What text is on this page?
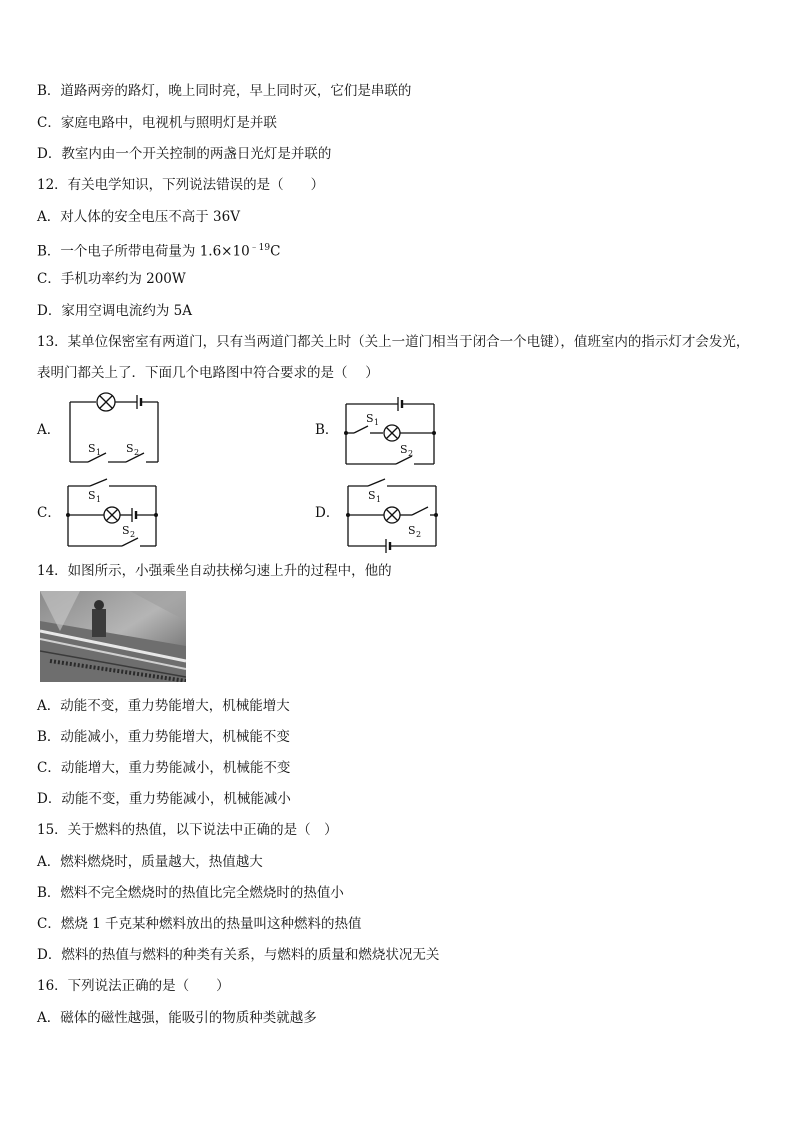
B．道路两旁的路灯，晚上同时亮，早上同时灭，它们是串联的
C．家庭电路中，电视机与照明灯是并联
D．教室内由一个开关控制的两盏日光灯是并联的
12．有关电学知识，下列说法错误的是（　　）
A．对人体的安全电压不高于 36V
B．一个电子所带电荷量为 $1.6\times 10^{﹣19}C$
C．手机功率约为 200W
D．家用空调电流约为 5A
13．某单位保密室有两道门，只有当两道门都关上时（关上一道门相当于闭合一个电键），值班室内的指示灯才会发光，
表明门都关上了．下面几个电路图中符合要求的是（　 ）
A．	B．
C．	D．
S 1 S 2
S 1
S 2
S 1
S 2
S 1
S 2
14．如图所示，小强乘坐自动扶梯匀速上升的过程中，他的
A．动能不变，重力势能增大，机械能增大
B．动能减小，重力势能增大，机械能不变
C．动能增大，重力势能减小，机械能不变
D．动能不变，重力势能减小，机械能减小
15．关于燃料的热值，以下说法中正确的是（　）
A．燃料燃烧时，质量越大，热值越大
B．燃料不完全燃烧时的热值比完全燃烧时的热值小
C．燃烧 1 千克某种燃料放出的热量叫这种燃料的热值
D．燃料的热值与燃料的种类有关系，与燃料的质量和燃烧状况无关
16．下列说法正确的是（　　）
A．磁体的磁性越强，能吸引的物质种类就越多
